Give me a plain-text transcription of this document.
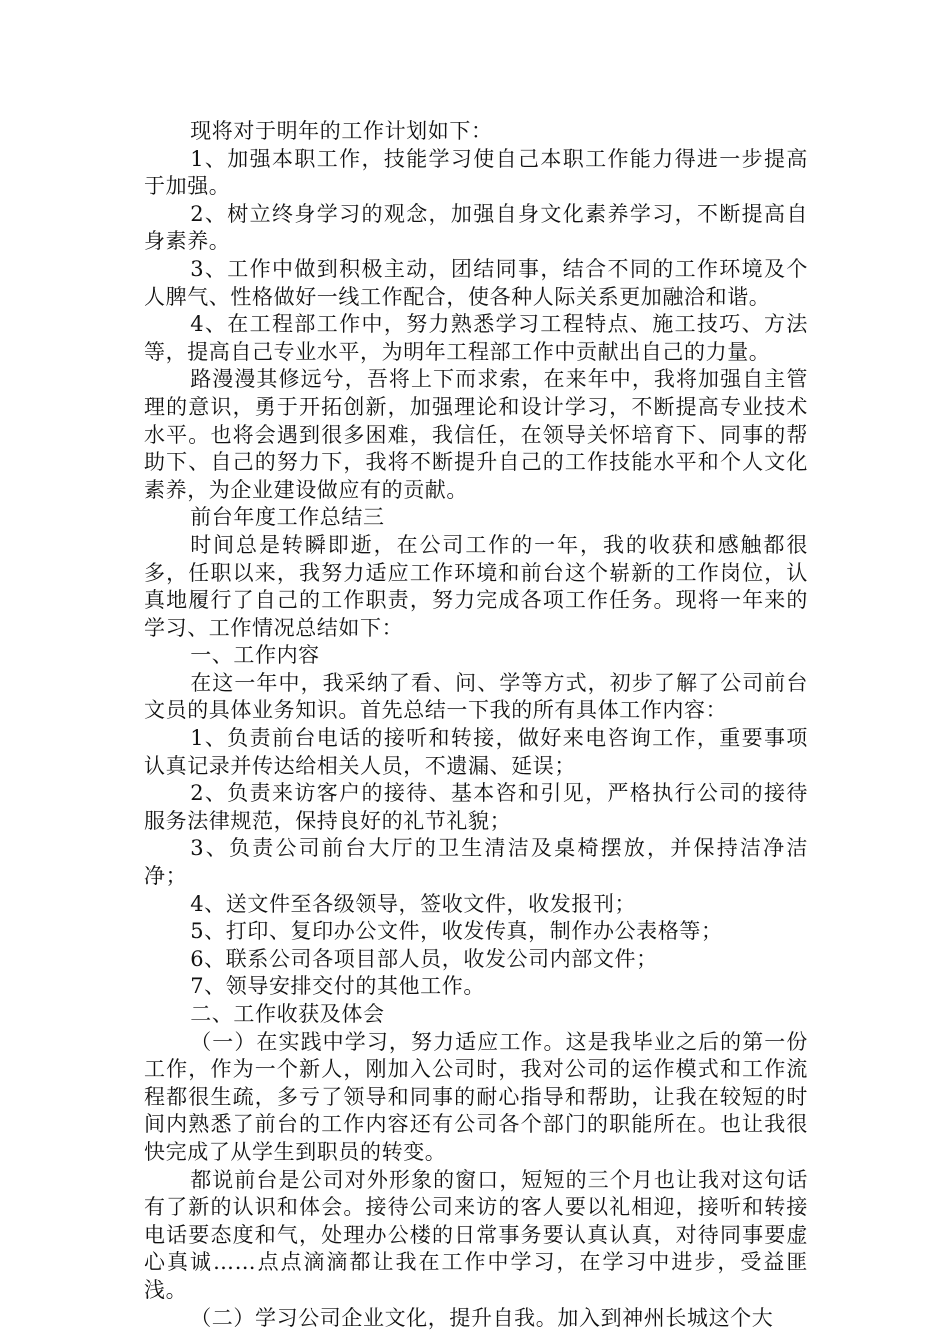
现将对于明年的工作计划如下：

1、加强本职工作，技能学习使自己本职工作能力得进一步提高于加强。

2、树立终身学习的观念，加强自身文化素养学习，不断提高自身素养。

3、工作中做到积极主动，团结同事，结合不同的工作环境及个人脾气、性格做好一线工作配合，使各种人际关系更加融洽和谐。

4、在工程部工作中，努力熟悉学习工程特点、施工技巧、方法等，提高自己专业水平，为明年工程部工作中贡献出自己的力量。

路漫漫其修远兮，吾将上下而求索，在来年中，我将加强自主管理的意识，勇于开拓创新，加强理论和设计学习，不断提高专业技术水平。也将会遇到很多困难，我信任，在领导关怀培育下、同事的帮助下、自己的努力下，我将不断提升自己的工作技能水平和个人文化素养，为企业建设做应有的贡献。

前台年度工作总结三

时间总是转瞬即逝，在公司工作的一年，我的收获和感触都很多，任职以来，我努力适应工作环境和前台这个崭新的工作岗位，认真地履行了自己的工作职责，努力完成各项工作任务。现将一年来的学习、工作情况总结如下：

一、工作内容

在这一年中，我采纳了看、问、学等方式，初步了解了公司前台文员的具体业务知识。首先总结一下我的所有具体工作内容：

1、负责前台电话的接听和转接，做好来电咨询工作，重要事项认真记录并传达给相关人员，不遗漏、延误；

2、负责来访客户的接待、基本咨和引见，严格执行公司的接待服务法律规范，保持良好的礼节礼貌；

3、负责公司前台大厅的卫生清洁及桌椅摆放，并保持洁净洁净；

4、送文件至各级领导，签收文件，收发报刊；

5、打印、复印办公文件，收发传真，制作办公表格等；

6、联系公司各项目部人员，收发公司内部文件；

7、领导安排交付的其他工作。

二、工作收获及体会

（一）在实践中学习，努力适应工作。这是我毕业之后的第一份工作，作为一个新人，刚加入公司时，我对公司的运作模式和工作流程都很生疏，多亏了领导和同事的耐心指导和帮助，让我在较短的时间内熟悉了前台的工作内容还有公司各个部门的职能所在。也让我很快完成了从学生到职员的转变。

都说前台是公司对外形象的窗口，短短的三个月也让我对这句话有了新的认识和体会。接待公司来访的客人要以礼相迎，接听和转接电话要态度和气，处理办公楼的日常事务要认真认真，对待同事要虚心真诚……点点滴滴都让我在工作中学习，在学习中进步，受益匪浅。

（二）学习公司企业文化，提升自我。加入到神州长城这个大
